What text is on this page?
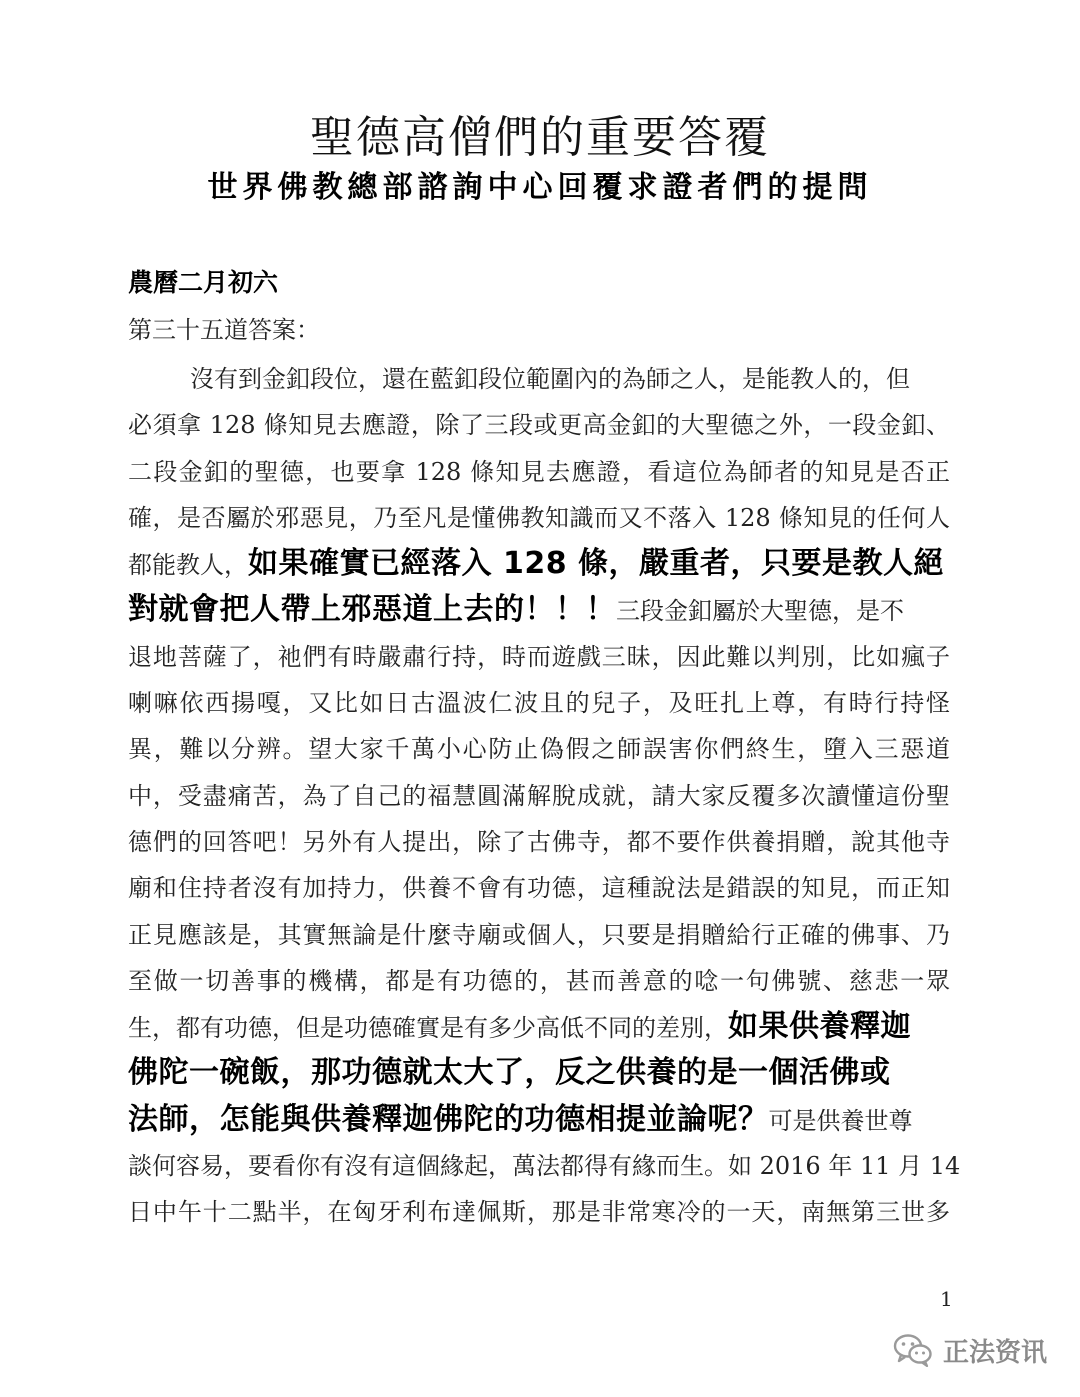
聖德高僧們的重要答覆
世界佛教總部諮詢中心回覆求證者們的提問
農曆二月初六
第三十五道答案：
沒有到金釦段位，還在藍釦段位範圍內的為師之人，是能教人的，但
必須拿 128 條知見去應證，除了三段或更高金釦的大聖德之外，一段金釦、
二段金釦的聖德，也要拿 128 條知見去應證，看這位為師者的知見是否正
確，是否屬於邪惡見，乃至凡是懂佛教知識而又不落入 128 條知見的任何人
都能教人，如果確實已經落入 128 條，嚴重者，只要是教人絕
對就會把人帶上邪惡道上去的！！！三段金釦屬於大聖德，是不
退地菩薩了，祂們有時嚴肅行持，時而遊戲三昧，因此難以判別，比如瘋子
喇嘛依西揚嘎，又比如日古溫波仁波且的兒子，及旺扎上尊，有時行持怪
異，難以分辨。望大家千萬小心防止偽假之師誤害你們終生，墮入三惡道
中，受盡痛苦，為了自己的福慧圓滿解脫成就，請大家反覆多次讀懂這份聖
德們的回答吧！另外有人提出，除了古佛寺，都不要作供養捐贈，說其他寺
廟和住持者沒有加持力，供養不會有功德，這種說法是錯誤的知見，而正知
正見應該是，其實無論是什麼寺廟或個人，只要是捐贈給行正確的佛事、乃
至做一切善事的機構，都是有功德的，甚而善意的唸一句佛號、慈悲一眾
生，都有功德，但是功德確實是有多少高低不同的差別，如果供養釋迦
佛陀一碗飯，那功德就太大了，反之供養的是一個活佛或
法師，怎能與供養釋迦佛陀的功德相提並論呢？可是供養世尊
談何容易，要看你有沒有這個緣起，萬法都得有緣而生。如 2016 年 11 月 14
日中午十二點半，在匈牙利布達佩斯，那是非常寒冷的一天，南無第三世多
1
正法资讯
